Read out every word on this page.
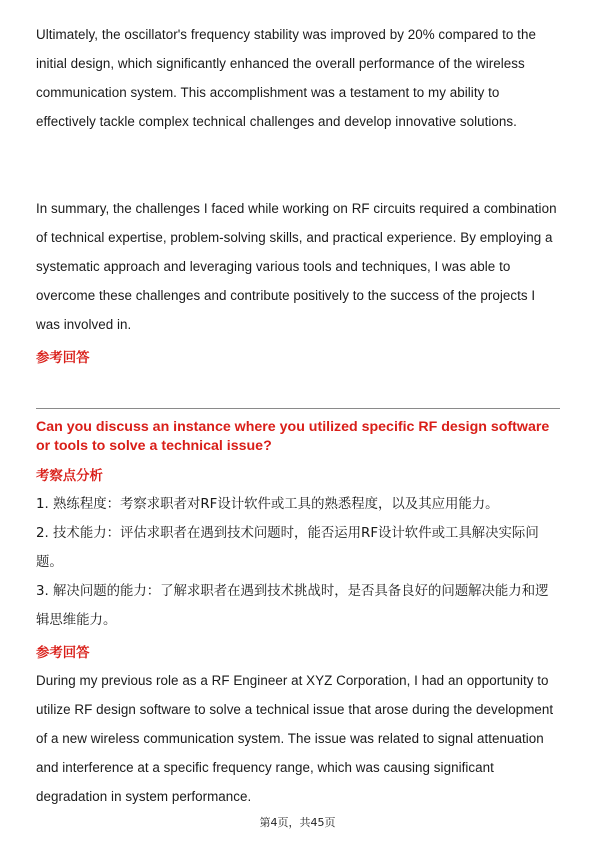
Ultimately, the oscillator's frequency stability was improved by 20% compared to the initial design, which significantly enhanced the overall performance of the wireless communication system. This accomplishment was a testament to my ability to effectively tackle complex technical challenges and develop innovative solutions.

In summary, the challenges I faced while working on RF circuits required a combination of technical expertise, problem-solving skills, and practical experience. By employing a systematic approach and leveraging various tools and techniques, I was able to overcome these challenges and contribute positively to the success of the projects I was involved in.

参考回答
Can you discuss an instance where you utilized specific RF design software or tools to solve a technical issue?
考察点分析
1. 熟练程度：考察求职者对RF设计软件或工具的熟悉程度，以及其应用能力。
2. 技术能力：评估求职者在遇到技术问题时，能否运用RF设计软件或工具解决实际问题。
3. 解决问题的能力：了解求职者在遇到技术挑战时，是否具备良好的问题解决能力和逻辑思维能力。
参考回答

During my previous role as a RF Engineer at XYZ Corporation, I had an opportunity to utilize RF design software to solve a technical issue that arose during the development of a new wireless communication system. The issue was related to signal attenuation and interference at a specific frequency range, which was causing significant degradation in system performance.

第4页，共45页
